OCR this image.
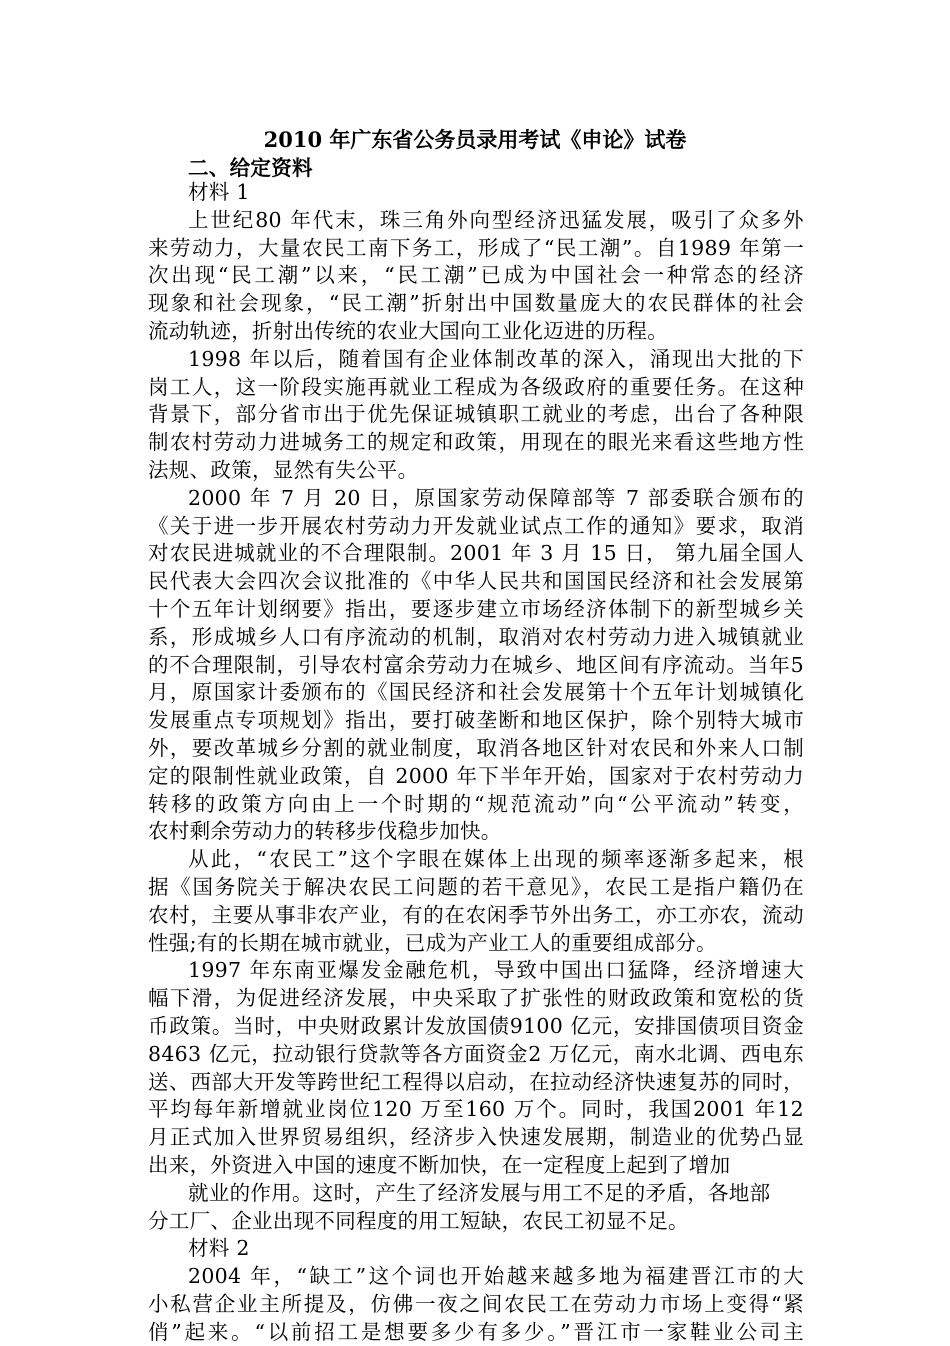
2010 年广东省公务员录用考试《申论》试卷
二、给定资料
材料 1
上世纪80 年代末，珠三角外向型经济迅猛发展，吸引了众多外
来劳动力，大量农民工南下务工，形成了“民工潮”。自1989 年第一
次出现“民工潮”以来，“民工潮”已成为中国社会一种常态的经济
现象和社会现象，“民工潮”折射出中国数量庞大的农民群体的社会
流动轨迹，折射出传统的农业大国向工业化迈进的历程。
1998 年以后，随着国有企业体制改革的深入，涌现出大批的下
岗工人，这一阶段实施再就业工程成为各级政府的重要任务。在这种
背景下，部分省市出于优先保证城镇职工就业的考虑，出台了各种限
制农村劳动力进城务工的规定和政策，用现在的眼光来看这些地方性
法规、政策，显然有失公平。
2000 年 7 月 20 日，原国家劳动保障部等 7 部委联合颁布的
《关于进一步开展农村劳动力开发就业试点工作的通知》要求，取消
对农民进城就业的不合理限制。2001 年 3 月 15 日， 第九届全国人
民代表大会四次会议批准的《中华人民共和国国民经济和社会发展第
十个五年计划纲要》指出，要逐步建立市场经济体制下的新型城乡关
系，形成城乡人口有序流动的机制，取消对农村劳动力进入城镇就业
的不合理限制，引导农村富余劳动力在城乡、地区间有序流动。当年5
月，原国家计委颁布的《国民经济和社会发展第十个五年计划城镇化
发展重点专项规划》指出，要打破垄断和地区保护，除个别特大城市
外，要改革城乡分割的就业制度，取消各地区针对农民和外来人口制
定的限制性就业政策，自 2000 年下半年开始，国家对于农村劳动力
转移的政策方向由上一个时期的“规范流动”向“公平流动”转变，
农村剩余劳动力的转移步伐稳步加快。
从此，“农民工”这个字眼在媒体上出现的频率逐渐多起来，根
据《国务院关于解决农民工问题的若干意见》，农民工是指户籍仍在
农村，主要从事非农产业，有的在农闲季节外出务工，亦工亦农，流动
性强;有的长期在城市就业，已成为产业工人的重要组成部分。
1997 年东南亚爆发金融危机，导致中国出口猛降，经济增速大
幅下滑，为促进经济发展，中央采取了扩张性的财政政策和宽松的货
币政策。当时，中央财政累计发放国债9100 亿元，安排国债项目资金
8463 亿元，拉动银行贷款等各方面资金2 万亿元，南水北调、西电东
送、西部大开发等跨世纪工程得以启动，在拉动经济快速复苏的同时，
平均每年新增就业岗位120 万至160 万个。同时，我国2001 年12
月正式加入世界贸易组织，经济步入快速发展期，制造业的优势凸显
出来，外资进入中国的速度不断加快，在一定程度上起到了增加
就业的作用。这时，产生了经济发展与用工不足的矛盾，各地部
分工厂、企业出现不同程度的用工短缺，农民工初显不足。
材料 2
2004 年，“缺工”这个词也开始越来越多地为福建晋江市的大
小私营企业主所提及，仿佛一夜之间农民工在劳动力市场上变得“紧
俏”起来。“以前招工是想要多少有多少。”晋江市一家鞋业公司主
